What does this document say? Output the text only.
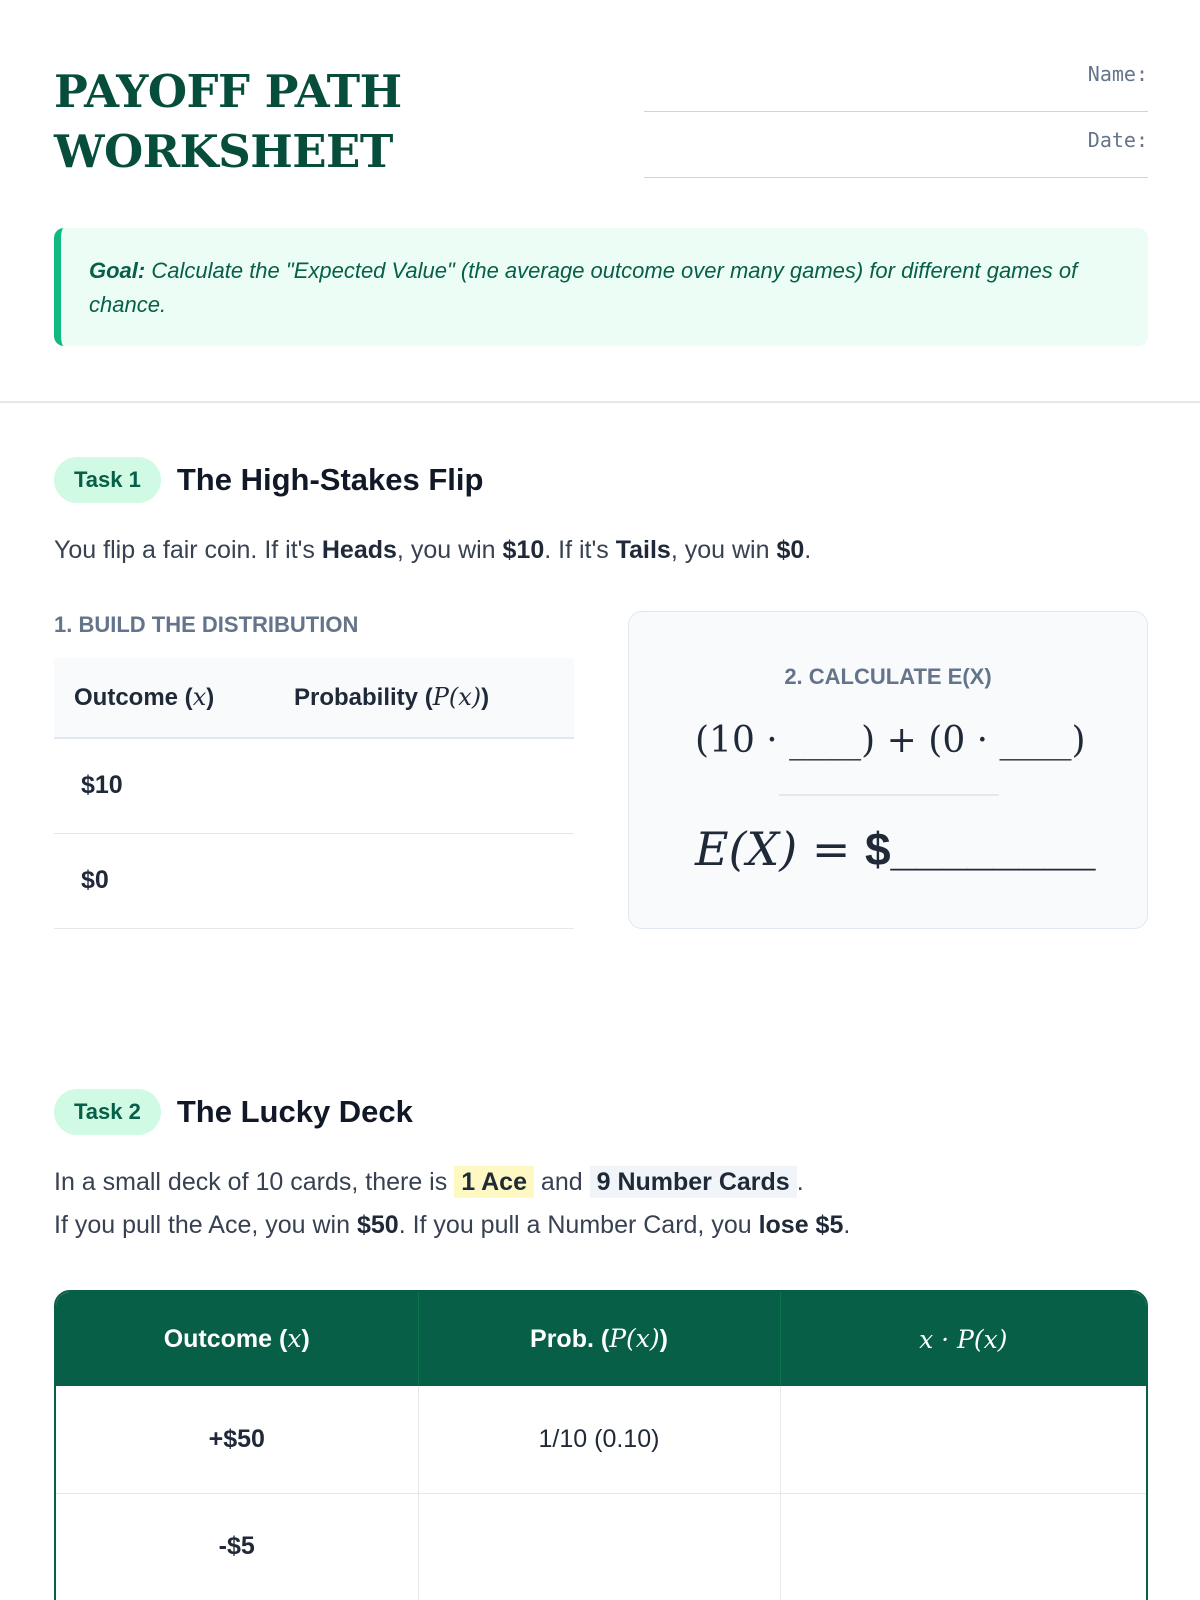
PAYOFF PATH
WORKSHEET
Name:
Date:
Goal: Calculate the "Expected Value" (the average outcome over many games) for different games of chance.
Task 1	The High-Stakes Flip
You flip a fair coin. If it's Heads, you win $10. If it's Tails, you win $0.
1. BUILD THE DISTRIBUTION
Outcome (x)	Probability (P(x))
$10	
$0	
2. CALCULATE E(X)
(10 · ____) + (0 · ____)
E(X) = $________
Task 2	The Lucky Deck
In a small deck of 10 cards, there is 1 Ace and 9 Number Cards .
If you pull the Ace, you win $50. If you pull a Number Card, you lose $5.
Outcome (x)	Prob. (P(x))	x · P(x)
+$50	1/10 (0.10)	
-$5		
